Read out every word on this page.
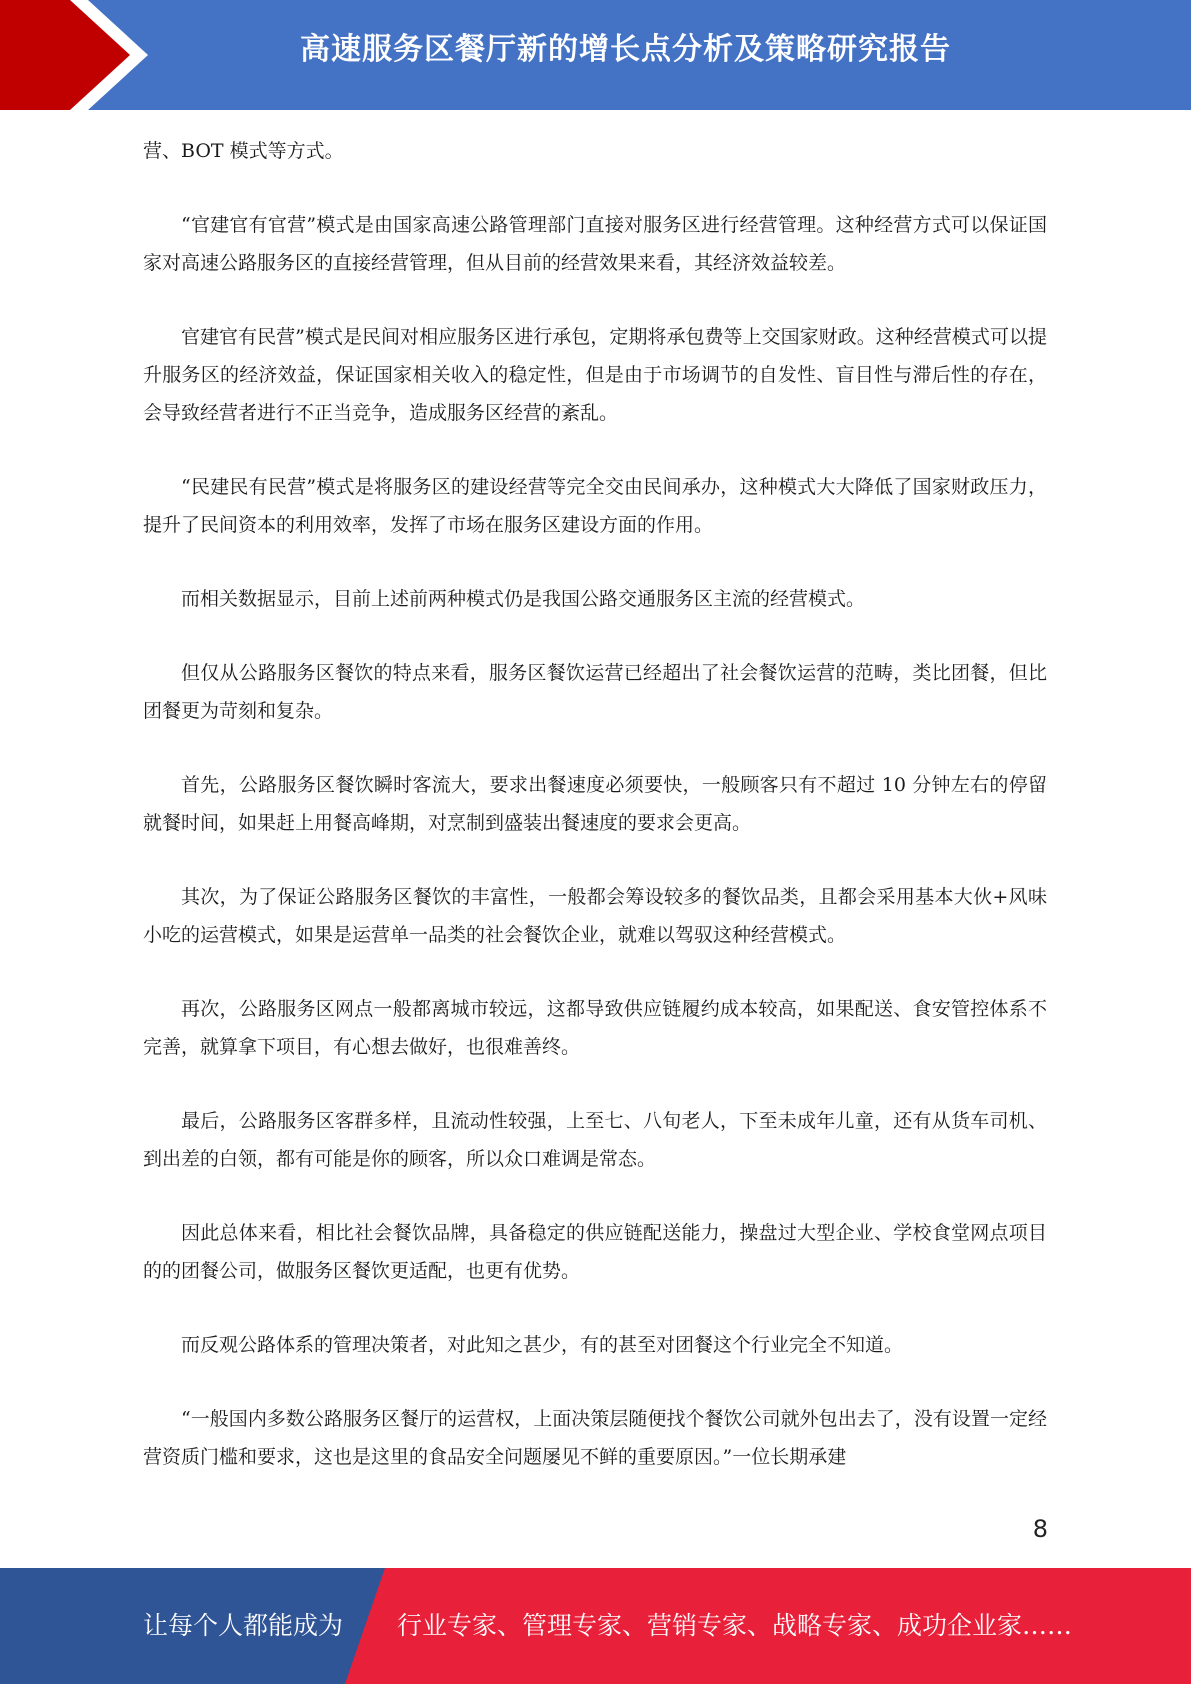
高速服务区餐厅新的增长点分析及策略研究报告

营、BOT 模式等方式。

“官建官有官营”模式是由国家高速公路管理部门直接对服务区进行经营管理。这种经营方式可以保证国家对高速公路服务区的直接经营管理，但从目前的经营效果来看，其经济效益较差。

官建官有民营”模式是民间对相应服务区进行承包，定期将承包费等上交国家财政。这种经营模式可以提升服务区的经济效益，保证国家相关收入的稳定性，但是由于市场调节的自发性、盲目性与滞后性的存在，会导致经营者进行不正当竞争，造成服务区经营的紊乱。

“民建民有民营”模式是将服务区的建设经营等完全交由民间承办，这种模式大大降低了国家财政压力，提升了民间资本的利用效率，发挥了市场在服务区建设方面的作用。

而相关数据显示，目前上述前两种模式仍是我国公路交通服务区主流的经营模式。

但仅从公路服务区餐饮的特点来看，服务区餐饮运营已经超出了社会餐饮运营的范畴，类比团餐，但比团餐更为苛刻和复杂。

首先，公路服务区餐饮瞬时客流大，要求出餐速度必须要快，一般顾客只有不超过 10 分钟左右的停留就餐时间，如果赶上用餐高峰期，对烹制到盛装出餐速度的要求会更高。

其次，为了保证公路服务区餐饮的丰富性，一般都会筹设较多的餐饮品类，且都会采用基本大伙+风味小吃的运营模式，如果是运营单一品类的社会餐饮企业，就难以驾驭这种经营模式。

再次，公路服务区网点一般都离城市较远，这都导致供应链履约成本较高，如果配送、食安管控体系不完善，就算拿下项目，有心想去做好，也很难善终。

最后，公路服务区客群多样，且流动性较强，上至七、八旬老人，下至未成年儿童，还有从货车司机、到出差的白领，都有可能是你的顾客，所以众口难调是常态。

因此总体来看，相比社会餐饮品牌，具备稳定的供应链配送能力，操盘过大型企业、学校食堂网点项目的的团餐公司，做服务区餐饮更适配，也更有优势。

而反观公路体系的管理决策者，对此知之甚少，有的甚至对团餐这个行业完全不知道。

“一般国内多数公路服务区餐厅的运营权，上面决策层随便找个餐饮公司就外包出去了，没有设置一定经营资质门槛和要求，这也是这里的食品安全问题屡见不鲜的重要原因。”一位长期承建

8
让每个人都能成为 行业专家、管理专家、营销专家、战略专家、成功企业家……
